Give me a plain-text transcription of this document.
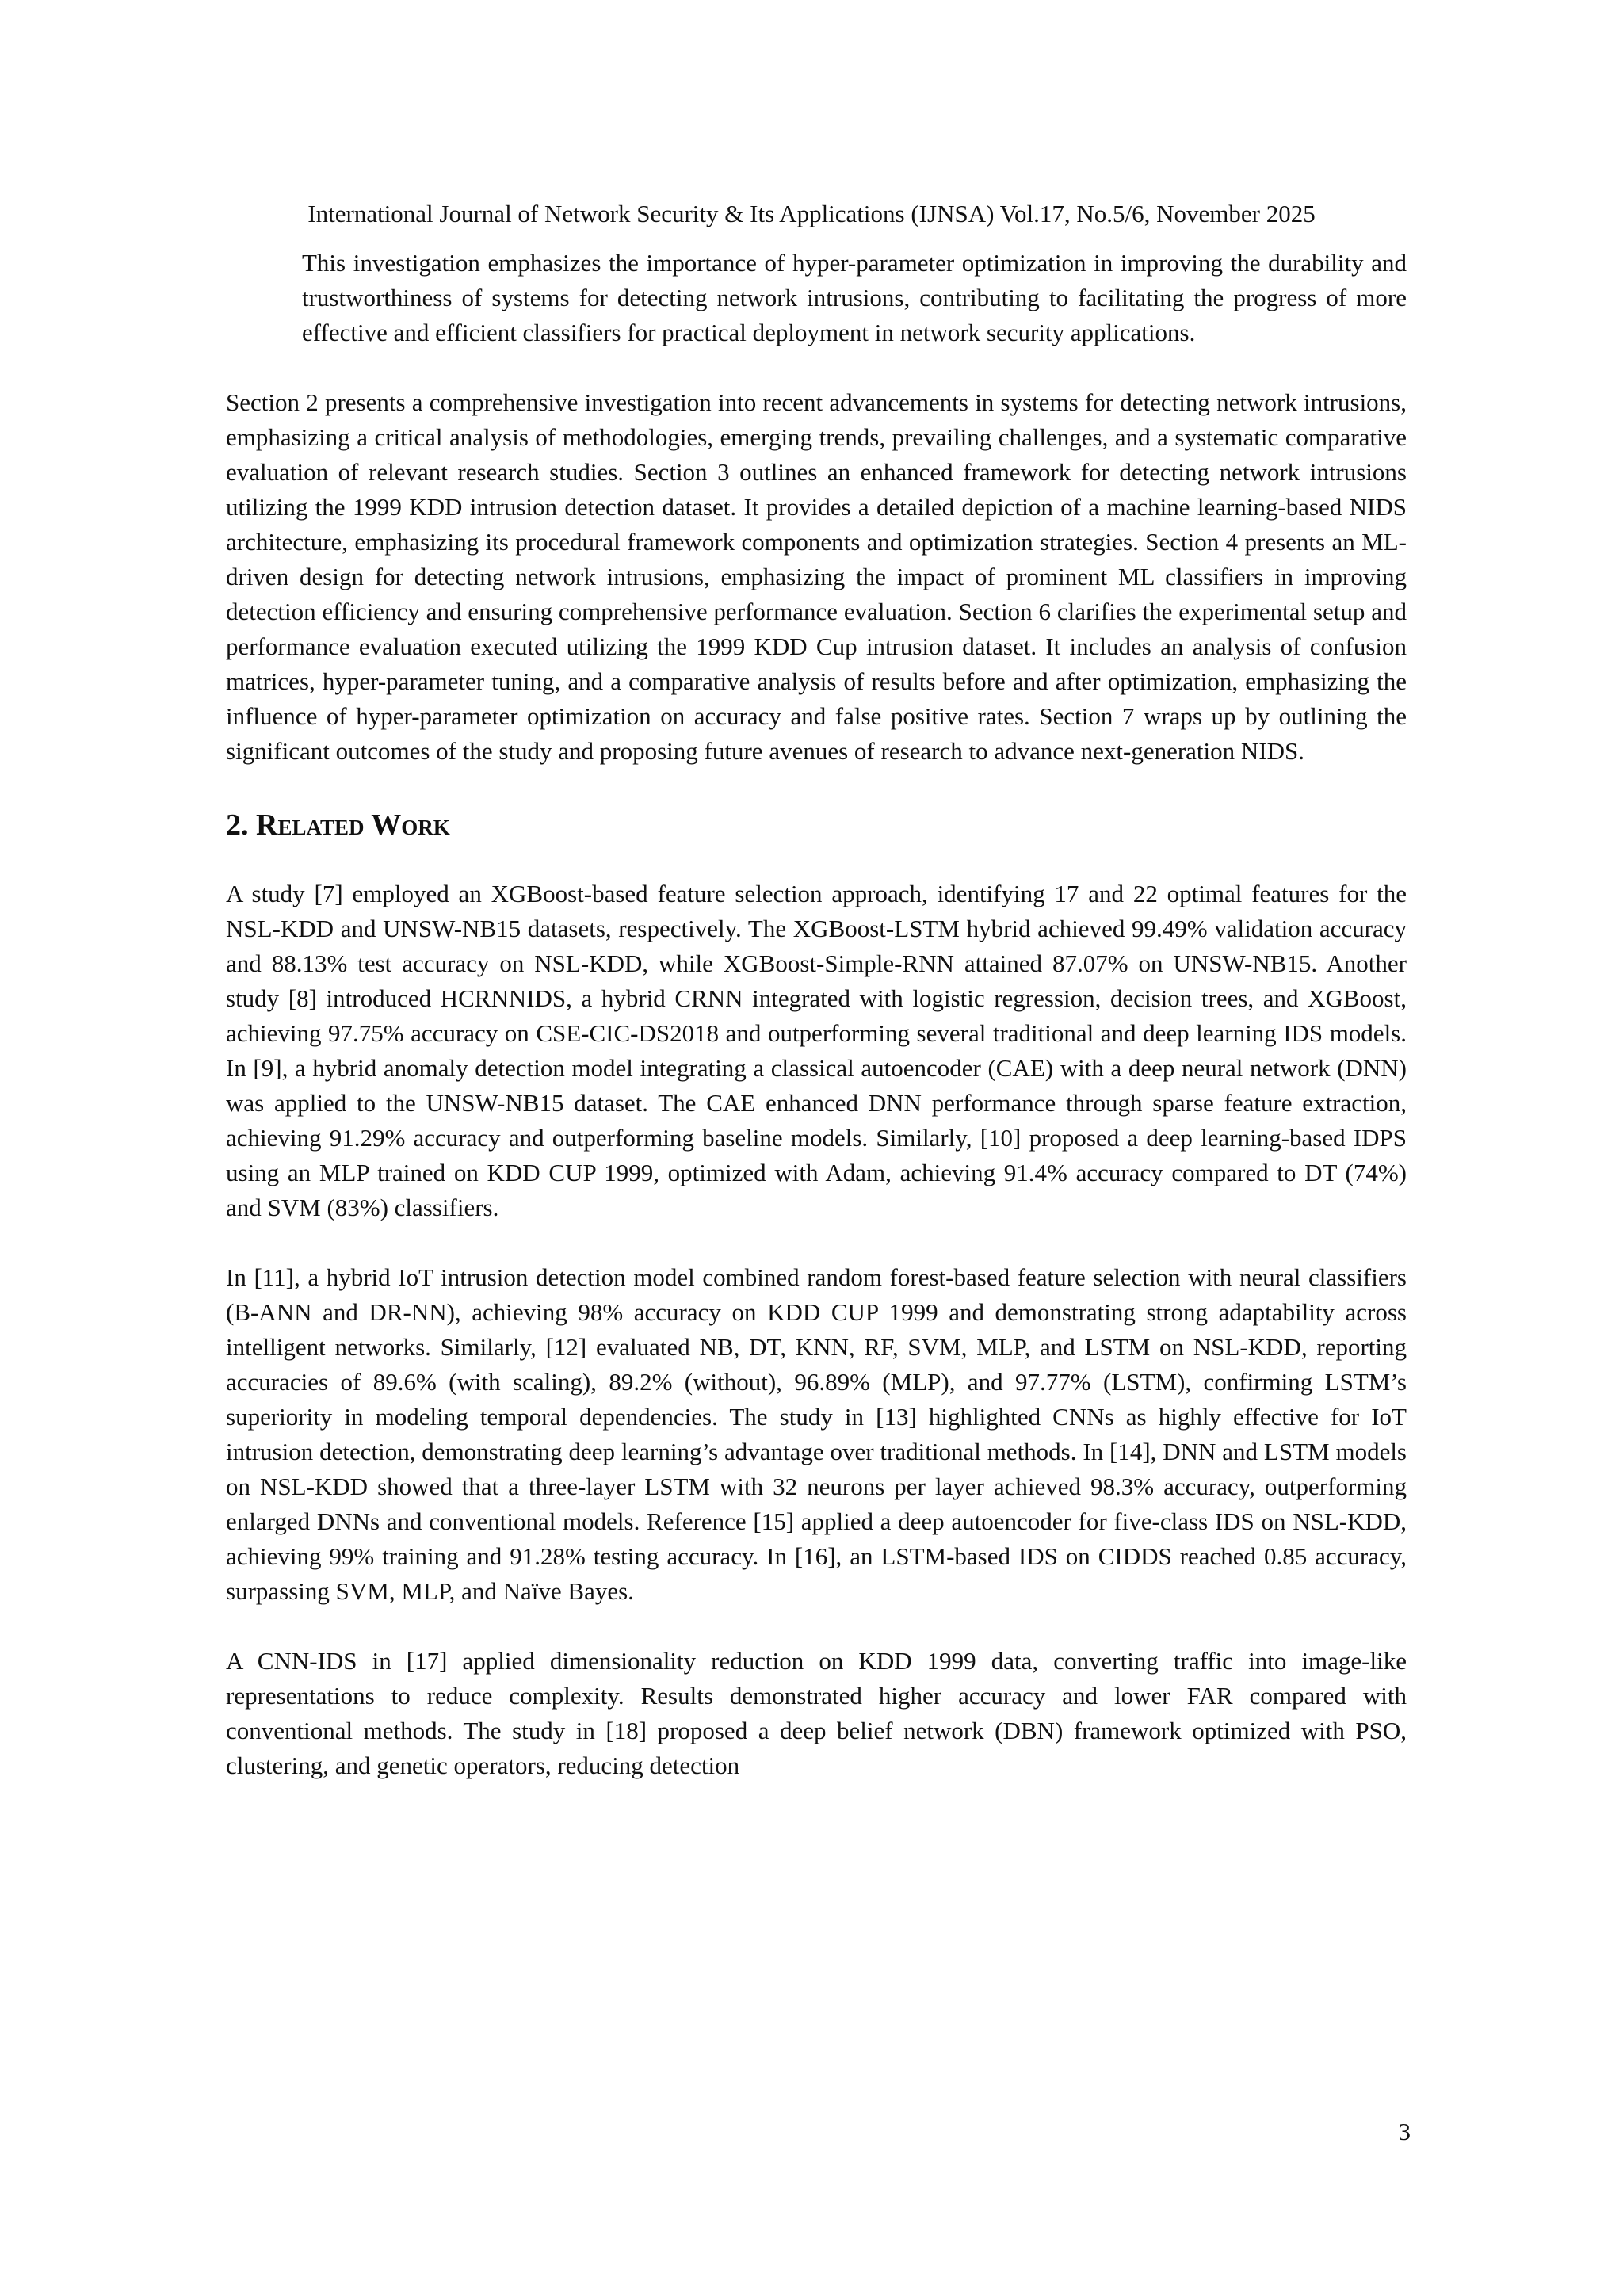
International Journal of Network Security & Its Applications (IJNSA) Vol.17, No.5/6, November 2025

This investigation emphasizes the importance of hyper-parameter optimization in improving the durability and trustworthiness of systems for detecting network intrusions, contributing to facilitating the progress of more effective and efficient classifiers for practical deployment in network security applications.

Section 2 presents a comprehensive investigation into recent advancements in systems for detecting network intrusions, emphasizing a critical analysis of methodologies, emerging trends, prevailing challenges, and a systematic comparative evaluation of relevant research studies. Section 3 outlines an enhanced framework for detecting network intrusions utilizing the 1999 KDD intrusion detection dataset. It provides a detailed depiction of a machine learning-based NIDS architecture, emphasizing its procedural framework components and optimization strategies. Section 4 presents an ML-driven design for detecting network intrusions, emphasizing the impact of prominent ML classifiers in improving detection efficiency and ensuring comprehensive performance evaluation. Section 6 clarifies the experimental setup and performance evaluation executed utilizing the 1999 KDD Cup intrusion dataset. It includes an analysis of confusion matrices, hyper-parameter tuning, and a comparative analysis of results before and after optimization, emphasizing the influence of hyper-parameter optimization on accuracy and false positive rates. Section 7 wraps up by outlining the significant outcomes of the study and proposing future avenues of research to advance next-generation NIDS.

2. Related Work

A study [7] employed an XGBoost-based feature selection approach, identifying 17 and 22 optimal features for the NSL-KDD and UNSW-NB15 datasets, respectively. The XGBoost-LSTM hybrid achieved 99.49% validation accuracy and 88.13% test accuracy on NSL-KDD, while XGBoost-Simple-RNN attained 87.07% on UNSW-NB15. Another study [8] introduced HCRNNIDS, a hybrid CRNN integrated with logistic regression, decision trees, and XGBoost, achieving 97.75% accuracy on CSE-CIC-DS2018 and outperforming several traditional and deep learning IDS models. In [9], a hybrid anomaly detection model integrating a classical autoencoder (CAE) with a deep neural network (DNN) was applied to the UNSW-NB15 dataset. The CAE enhanced DNN performance through sparse feature extraction, achieving 91.29% accuracy and outperforming baseline models. Similarly, [10] proposed a deep learning-based IDPS using an MLP trained on KDD CUP 1999, optimized with Adam, achieving 91.4% accuracy compared to DT (74%) and SVM (83%) classifiers.

In [11], a hybrid IoT intrusion detection model combined random forest-based feature selection with neural classifiers (B-ANN and DR-NN), achieving 98% accuracy on KDD CUP 1999 and demonstrating strong adaptability across intelligent networks. Similarly, [12] evaluated NB, DT, KNN, RF, SVM, MLP, and LSTM on NSL-KDD, reporting accuracies of 89.6% (with scaling), 89.2% (without), 96.89% (MLP), and 97.77% (LSTM), confirming LSTM’s superiority in modeling temporal dependencies. The study in [13] highlighted CNNs as highly effective for IoT intrusion detection, demonstrating deep learning’s advantage over traditional methods. In [14], DNN and LSTM models on NSL-KDD showed that a three-layer LSTM with 32 neurons per layer achieved 98.3% accuracy, outperforming enlarged DNNs and conventional models. Reference [15] applied a deep autoencoder for five-class IDS on NSL-KDD, achieving 99% training and 91.28% testing accuracy. In [16], an LSTM-based IDS on CIDDS reached 0.85 accuracy, surpassing SVM, MLP, and Naïve Bayes.

A CNN-IDS in [17] applied dimensionality reduction on KDD 1999 data, converting traffic into image-like representations to reduce complexity. Results demonstrated higher accuracy and lower FAR compared with conventional methods. The study in [18] proposed a deep belief network (DBN) framework optimized with PSO, clustering, and genetic operators, reducing detection

3
